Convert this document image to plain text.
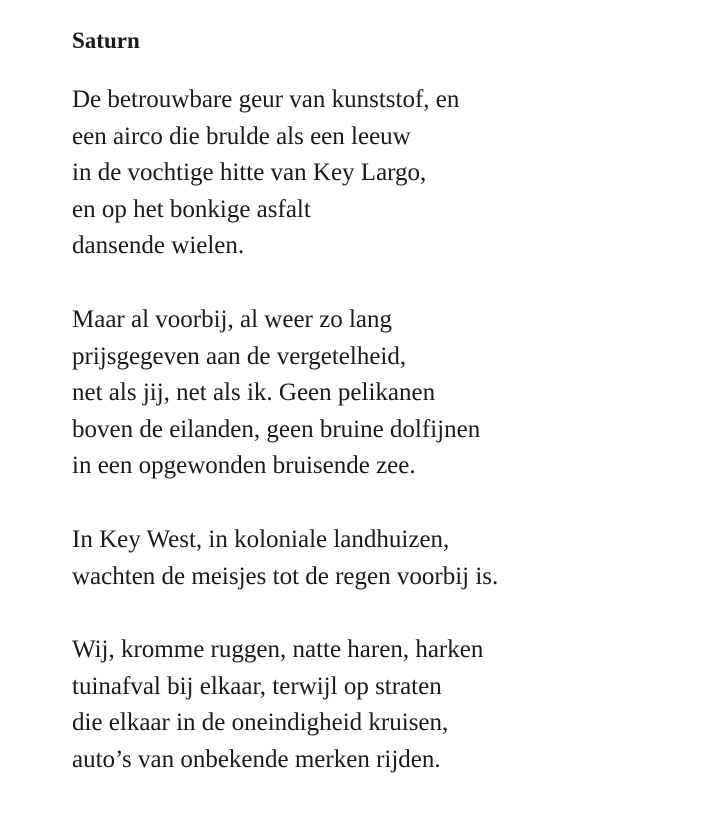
Saturn
De betrouwbare geur van kunststof, en
een airco die brulde als een leeuw
in de vochtige hitte van Key Largo,
en op het bonkige asfalt
dansende wielen.
Maar al voorbij, al weer zo lang
prijsgegeven aan de vergetelheid,
net als jij, net als ik. Geen pelikanen
boven de eilanden, geen bruine dolfijnen
in een opgewonden bruisende zee.
In Key West, in koloniale landhuizen,
wachten de meisjes tot de regen voorbij is.
Wij, kromme ruggen, natte haren, harken
tuinafval bij elkaar, terwijl op straten
die elkaar in de oneindigheid kruisen,
auto’s van onbekende merken rijden.
